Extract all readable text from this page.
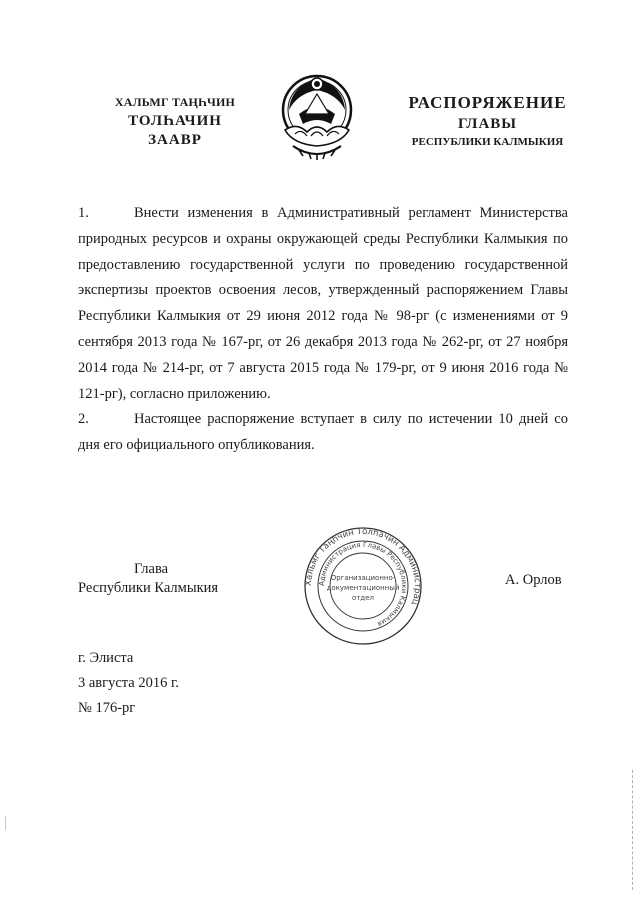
ХАЛЬМГ ТАҢҺЧИН
ТОЛҺАЧИН
ЗААВР
РАСПОРЯЖЕНИЕ
ГЛАВЫ
РЕСПУБЛИКИ КАЛМЫКИЯ

1.	Внести изменения в Административный регламент Министерства природных ресурсов и охраны окружающей среды Республики Калмыкия по предоставлению государственной услуги по проведению государственной экспертизы проектов освоения лесов, утвержденный распоряжением Главы Республики Калмыкия от 29 июня 2012 года № 98-рг (с изменениями от 9 сентября 2013 года № 167-рг, от 26 декабря 2013 года № 262-рг, от 27 ноября 2014 года № 214-рг, от 7 августа 2015 года № 179-рг, от 9 июня 2016 года № 121-рг), согласно приложению.

2.	Настоящее распоряжение вступает в силу по истечении 10 дней со дня его официального опубликования.

Глава
Республики Калмыкия	Хальмг Таңһчин Толһачин Администрац
Администрация Главы Республики Калмыкия
Организационно-
документационный
отдел
А. Орлов
г. Элиста
3 августа 2016 г.
№ 176-рг
